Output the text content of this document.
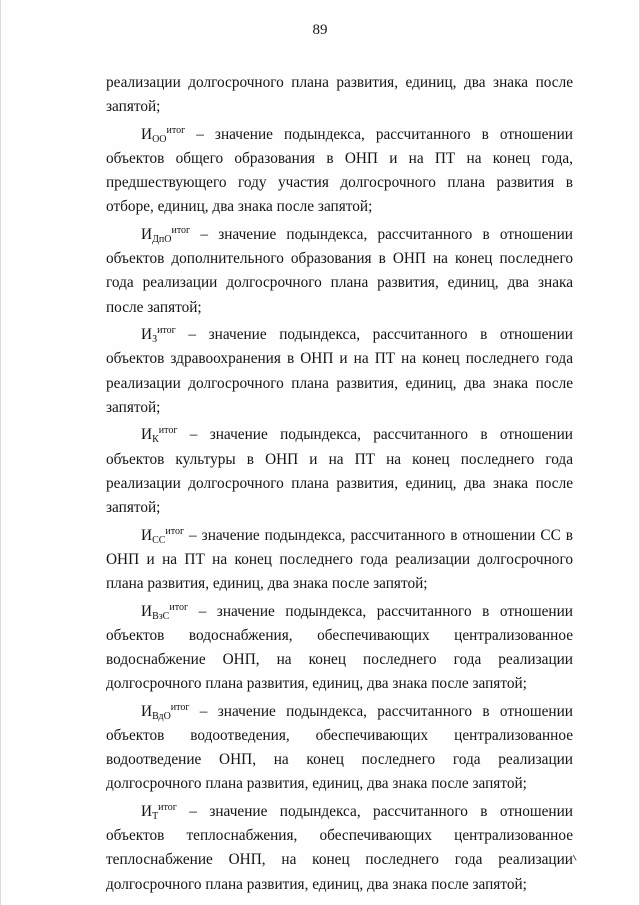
89

реализации долгосрочного плана развития, единиц, два знака после запятой;

$И_{ОО}^{итог}$ – значение подындекса, рассчитанного в отношении объектов общего образования в ОНП и на ПТ на конец года, предшествующего году участия долгосрочного плана развития в отборе, единиц, два знака после запятой;

$И_{ДпО}^{итог}$ – значение подындекса, рассчитанного в отношении объектов дополнительного образования в ОНП на конец последнего года реализации долгосрочного плана развития, единиц, два знака после запятой;

$И_З^{итог}$ – значение подындекса, рассчитанного в отношении объектов здравоохранения в ОНП и на ПТ на конец последнего года реализации долгосрочного плана развития, единиц, два знака после запятой;

$И_К^{итог}$ – значение подындекса, рассчитанного в отношении объектов культуры в ОНП и на ПТ на конец последнего года реализации долгосрочного плана развития, единиц, два знака после запятой;

$И_{СС}^{итог}$ – значение подындекса, рассчитанного в отношении СС в ОНП и на ПТ на конец последнего года реализации долгосрочного плана развития, единиц, два знака после запятой;

$И_{ВзС}^{итог}$ – значение подындекса, рассчитанного в отношении объектов водоснабжения, обеспечивающих централизованное водоснабжение ОНП, на конец последнего года реализации долгосрочного плана развития, единиц, два знака после запятой;

$И_{ВдО}^{итог}$ – значение подындекса, рассчитанного в отношении объектов водоотведения, обеспечивающих централизованное водоотведение ОНП, на конец последнего года реализации долгосрочного плана развития, единиц, два знака после запятой;

$И_Т^{итог}$ – значение подындекса, рассчитанного в отношении объектов теплоснабжения, обеспечивающих централизованное теплоснабжение ОНП, на конец последнего года реализации долгосрочного плана развития, единиц, два знака после запятой;
